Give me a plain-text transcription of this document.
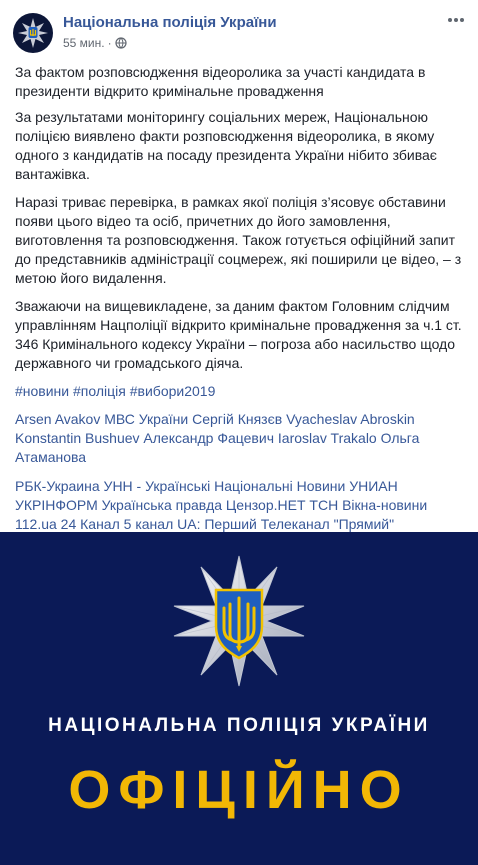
Національна поліція України
55 мин. ·

За фактом розповсюдження відеоролика за участі кандидата в президенти відкрито кримінальне провадження

За результатами моніторингу соціальних мереж, Національною поліцією виявлено факти розповсюдження відеоролика, в якому одного з кандидатів на посаду президента України нібито збиває вантажівка.

Наразі триває перевірка, в рамках якої поліція з’ясовує обставини появи цього відео та осіб, причетних до його замовлення, виготовлення та розповсюдження. Також готується офіційний запит до представників адміністрації соцмереж, які поширили це відео, – з метою його видалення.

Зважаючи на вищевикладене, за даним фактом Головним слідчим управлінням Нацполіції відкрито кримінальне провадження за ч.1 ст. 346 Кримінального кодексу України – погроза або насильство щодо державного чи громадського діяча.

#новини #поліція #вибори2019
Arsen Avakov МВС України Сергій Князєв Vyacheslav Abroskin Konstantin Bushuev Александр Фацевич Iaroslav Trakalo Ольга Атаманова
РБК-Украина УНН - Українські Національні Новини УНИАН УКРІНФОРМ Українська правда Цензор.НЕТ ТСН Вікна-новини 112.ua 24 Канал 5 канал UA: Перший Телеканал "Прямий"
НАЦІОНАЛЬНА ПОЛІЦІЯ УКРАЇНИ
ОФІЦІЙНО
